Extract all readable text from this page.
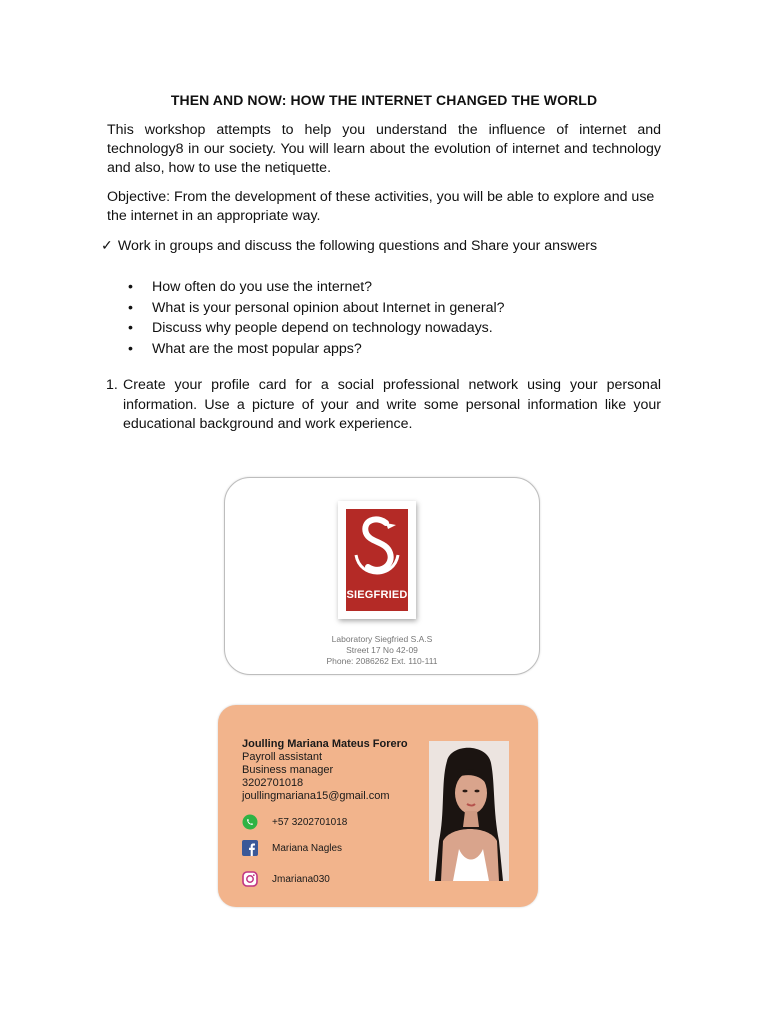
THEN AND NOW: HOW THE INTERNET CHANGED THE WORLD
This workshop attempts to help you understand the influence of internet and technology8 in our society. You will learn about the evolution of internet and technology and also, how to use the netiquette.
Objective: From the development of these activities, you will be able to explore and use the internet in an appropriate way.
✓ Work in groups and discuss the following questions and Share your answers
• How often do you use the internet?
• What is your personal opinion about Internet in general?
• Discuss why people depend on technology nowadays.
• What are the most popular apps?
1. Create your profile card for a social professional network using your personal information. Use a picture of your and write some personal information like your educational background and work experience.
SIEGFRIED
Laboratory Siegfried S.A.S
Street 17 No 42-09
Phone: 2086262 Ext. 110-111
Joulling Mariana Mateus Forero
Payroll assistant
Business manager
3202701018
joullingmariana15@gmail.com
+57 3202701018
Mariana Nagles
Jmariana030
